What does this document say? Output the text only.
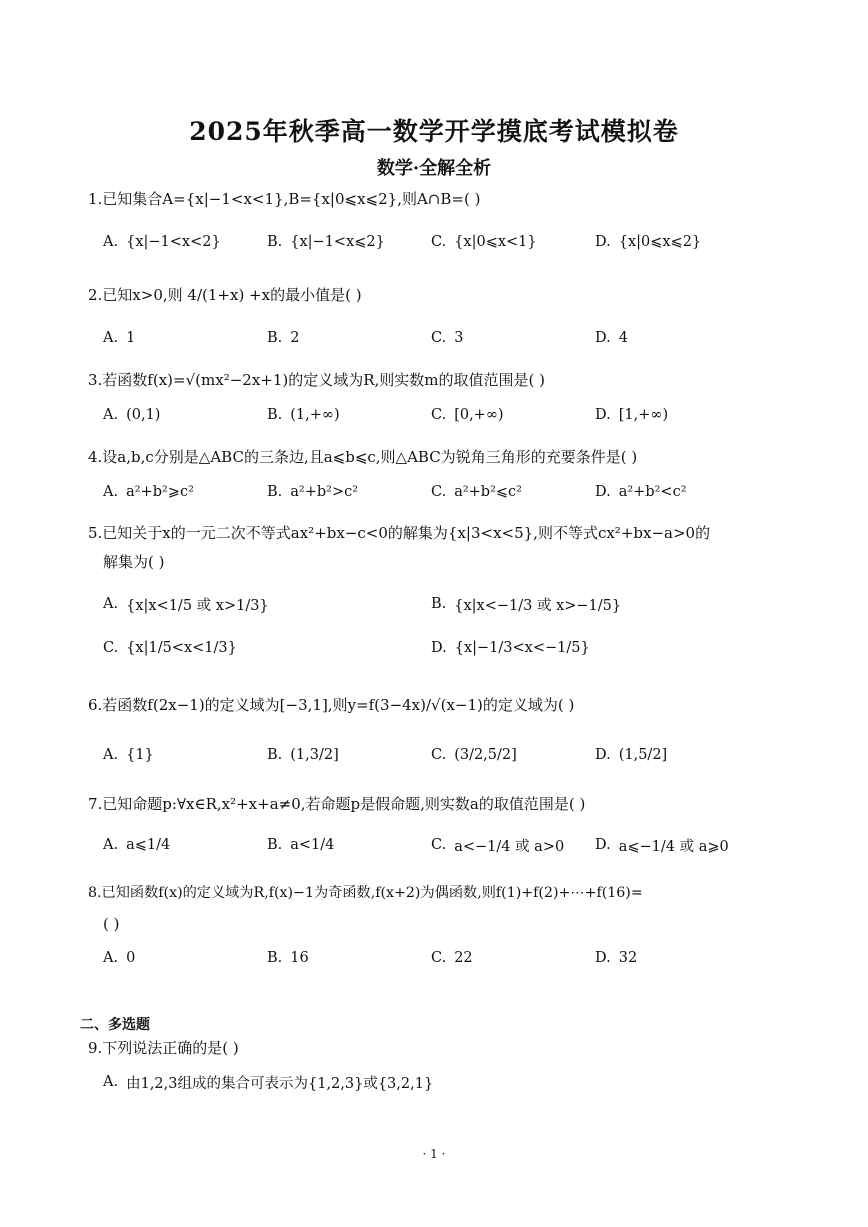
2025年秋季高一数学开学摸底考试模拟卷
数学·全解全析
1.已知集合A={x|−1<x<1},B={x|0⩽x⩽2},则A∩B=( )
A. {x|−1<x<2}	B. {x|−1<x⩽2}	C. {x|0⩽x<1}	D. {x|0⩽x⩽2}
2.已知x>0,则 4/(1+x) +x的最小值是( )
A. 1	B. 2	C. 3	D. 4
3.若函数f(x)=√(mx²−2x+1)的定义域为R,则实数m的取值范围是( )
A. (0,1)	B. (1,+∞)	C. [0,+∞)	D. [1,+∞)
4.设a,b,c分别是△ABC的三条边,且a⩽b⩽c,则△ABC为锐角三角形的充要条件是( )
A. a²+b²⩾c²	B. a²+b²>c²	C. a²+b²⩽c²	D. a²+b²<c²
5.已知关于x的一元二次不等式ax²+bx−c<0的解集为{x|3<x<5},则不等式cx²+bx−a>0的
解集为( )
A. {x|x<1/5 或 x>1/3}	B. {x|x<−1/3 或 x>−1/5}
C. {x|1/5<x<1/3}	D. {x|−1/3<x<−1/5}
6.若函数f(2x−1)的定义域为[−3,1],则y=f(3−4x)/√(x−1)的定义域为( )
A. {1}	B. (1,3/2]	C. (3/2,5/2]	D. (1,5/2]
7.已知命题p:∀x∈R,x²+x+a≠0,若命题p是假命题,则实数a的取值范围是( )
A. a⩽1/4	B. a<1/4	C. a<−1/4 或 a>0 D. a⩽−1/4 或 a⩾0
8.已知函数f(x)的定义域为R,f(x)−1为奇函数,f(x+2)为偶函数,则f(1)+f(2)+⋯+f(16)=
( )
A. 0	B. 16	C. 22	D. 32
二、多选题
9.下列说法正确的是( )
A. 由1,2,3组成的集合可表示为{1,2,3}或{3,2,1}
· 1 ·
